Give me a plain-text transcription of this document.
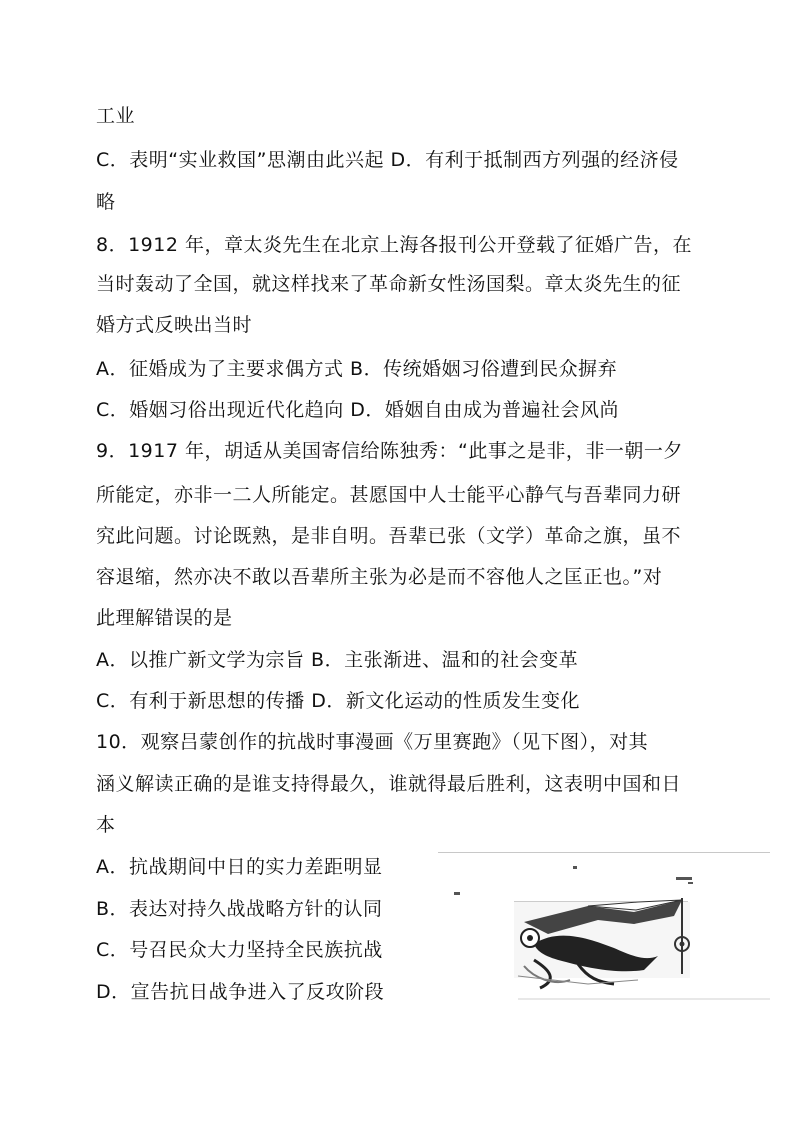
工业
C．表明“实业救国”思潮由此兴起 D．有利于抵制西方列强的经济侵
略
8．1912 年，章太炎先生在北京上海各报刊公开登载了征婚广告，在
当时轰动了全国，就这样找来了革命新女性汤国梨。章太炎先生的征
婚方式反映出当时
A．征婚成为了主要求偶方式 B．传统婚姻习俗遭到民众摒弃
C．婚姻习俗出现近代化趋向 D．婚姻自由成为普遍社会风尚
9．1917 年，胡适从美国寄信给陈独秀：“此事之是非，非一朝一夕
所能定，亦非一二人所能定。甚愿国中人士能平心静气与吾辈同力研
究此问题。讨论既熟，是非自明。吾辈已张（文学）革命之旗，虽不
容退缩，然亦决不敢以吾辈所主张为必是而不容他人之匡正也。”对
此理解错误的是
A．以推广新文学为宗旨 B．主张渐进、温和的社会变革
C．有利于新思想的传播 D．新文化运动的性质发生变化
10．观察吕蒙创作的抗战时事漫画《万里赛跑》（见下图），对其
涵义解读正确的是谁支持得最久，谁就得最后胜利，这表明中国和日
本
A．抗战期间中日的实力差距明显
B．表达对持久战战略方针的认同
C．号召民众大力坚持全民族抗战
D．宣告抗日战争进入了反攻阶段
